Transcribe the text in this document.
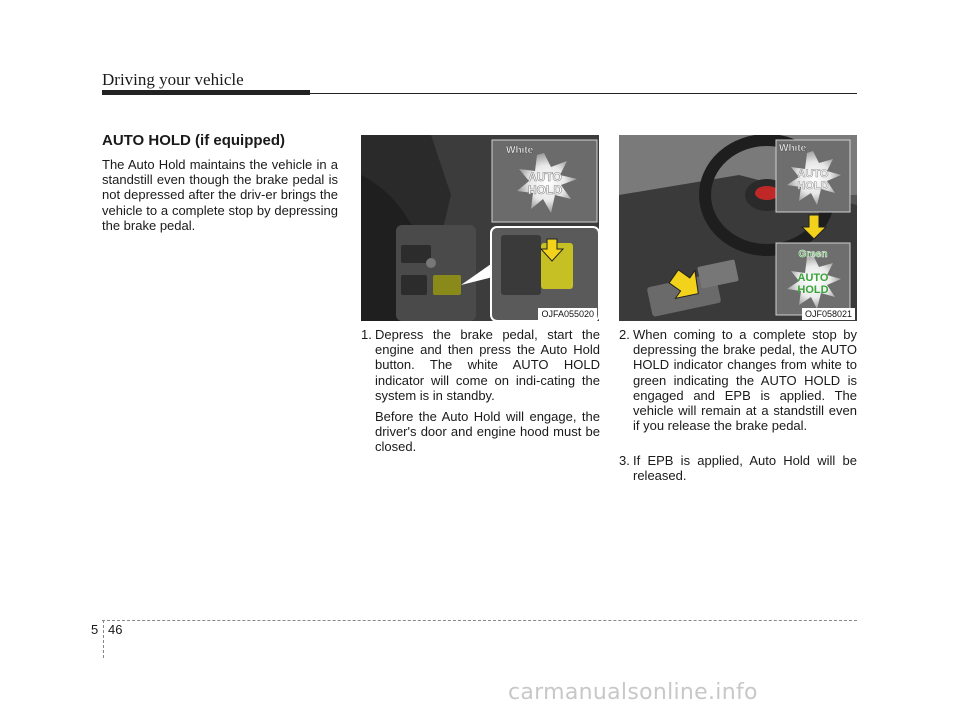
Driving your vehicle
AUTO HOLD (if equipped)
The Auto Hold maintains the vehicle in a standstill even though the brake pedal is not depressed after the driv-er brings the vehicle to a complete stop by depressing the brake pedal.
White
AUTO
HOLD
OJFA055020
White
AUTO
HOLD
Green
AUTO
HOLD
OJF058021
1. Depress the brake pedal, start the engine and then press the Auto Hold button. The white AUTO HOLD indicator will come on indi-cating the system is in standby.
Before the Auto Hold will engage, the driver's door and engine hood must be closed.
2. When coming to a complete stop by depressing the brake pedal, the AUTO HOLD indicator changes from white to green indicating the AUTO HOLD is engaged and EPB is applied. The vehicle will remain at a standstill even if you release the brake pedal.
3. If EPB is applied, Auto Hold will be released.
5 46
carmanualsonline.info
